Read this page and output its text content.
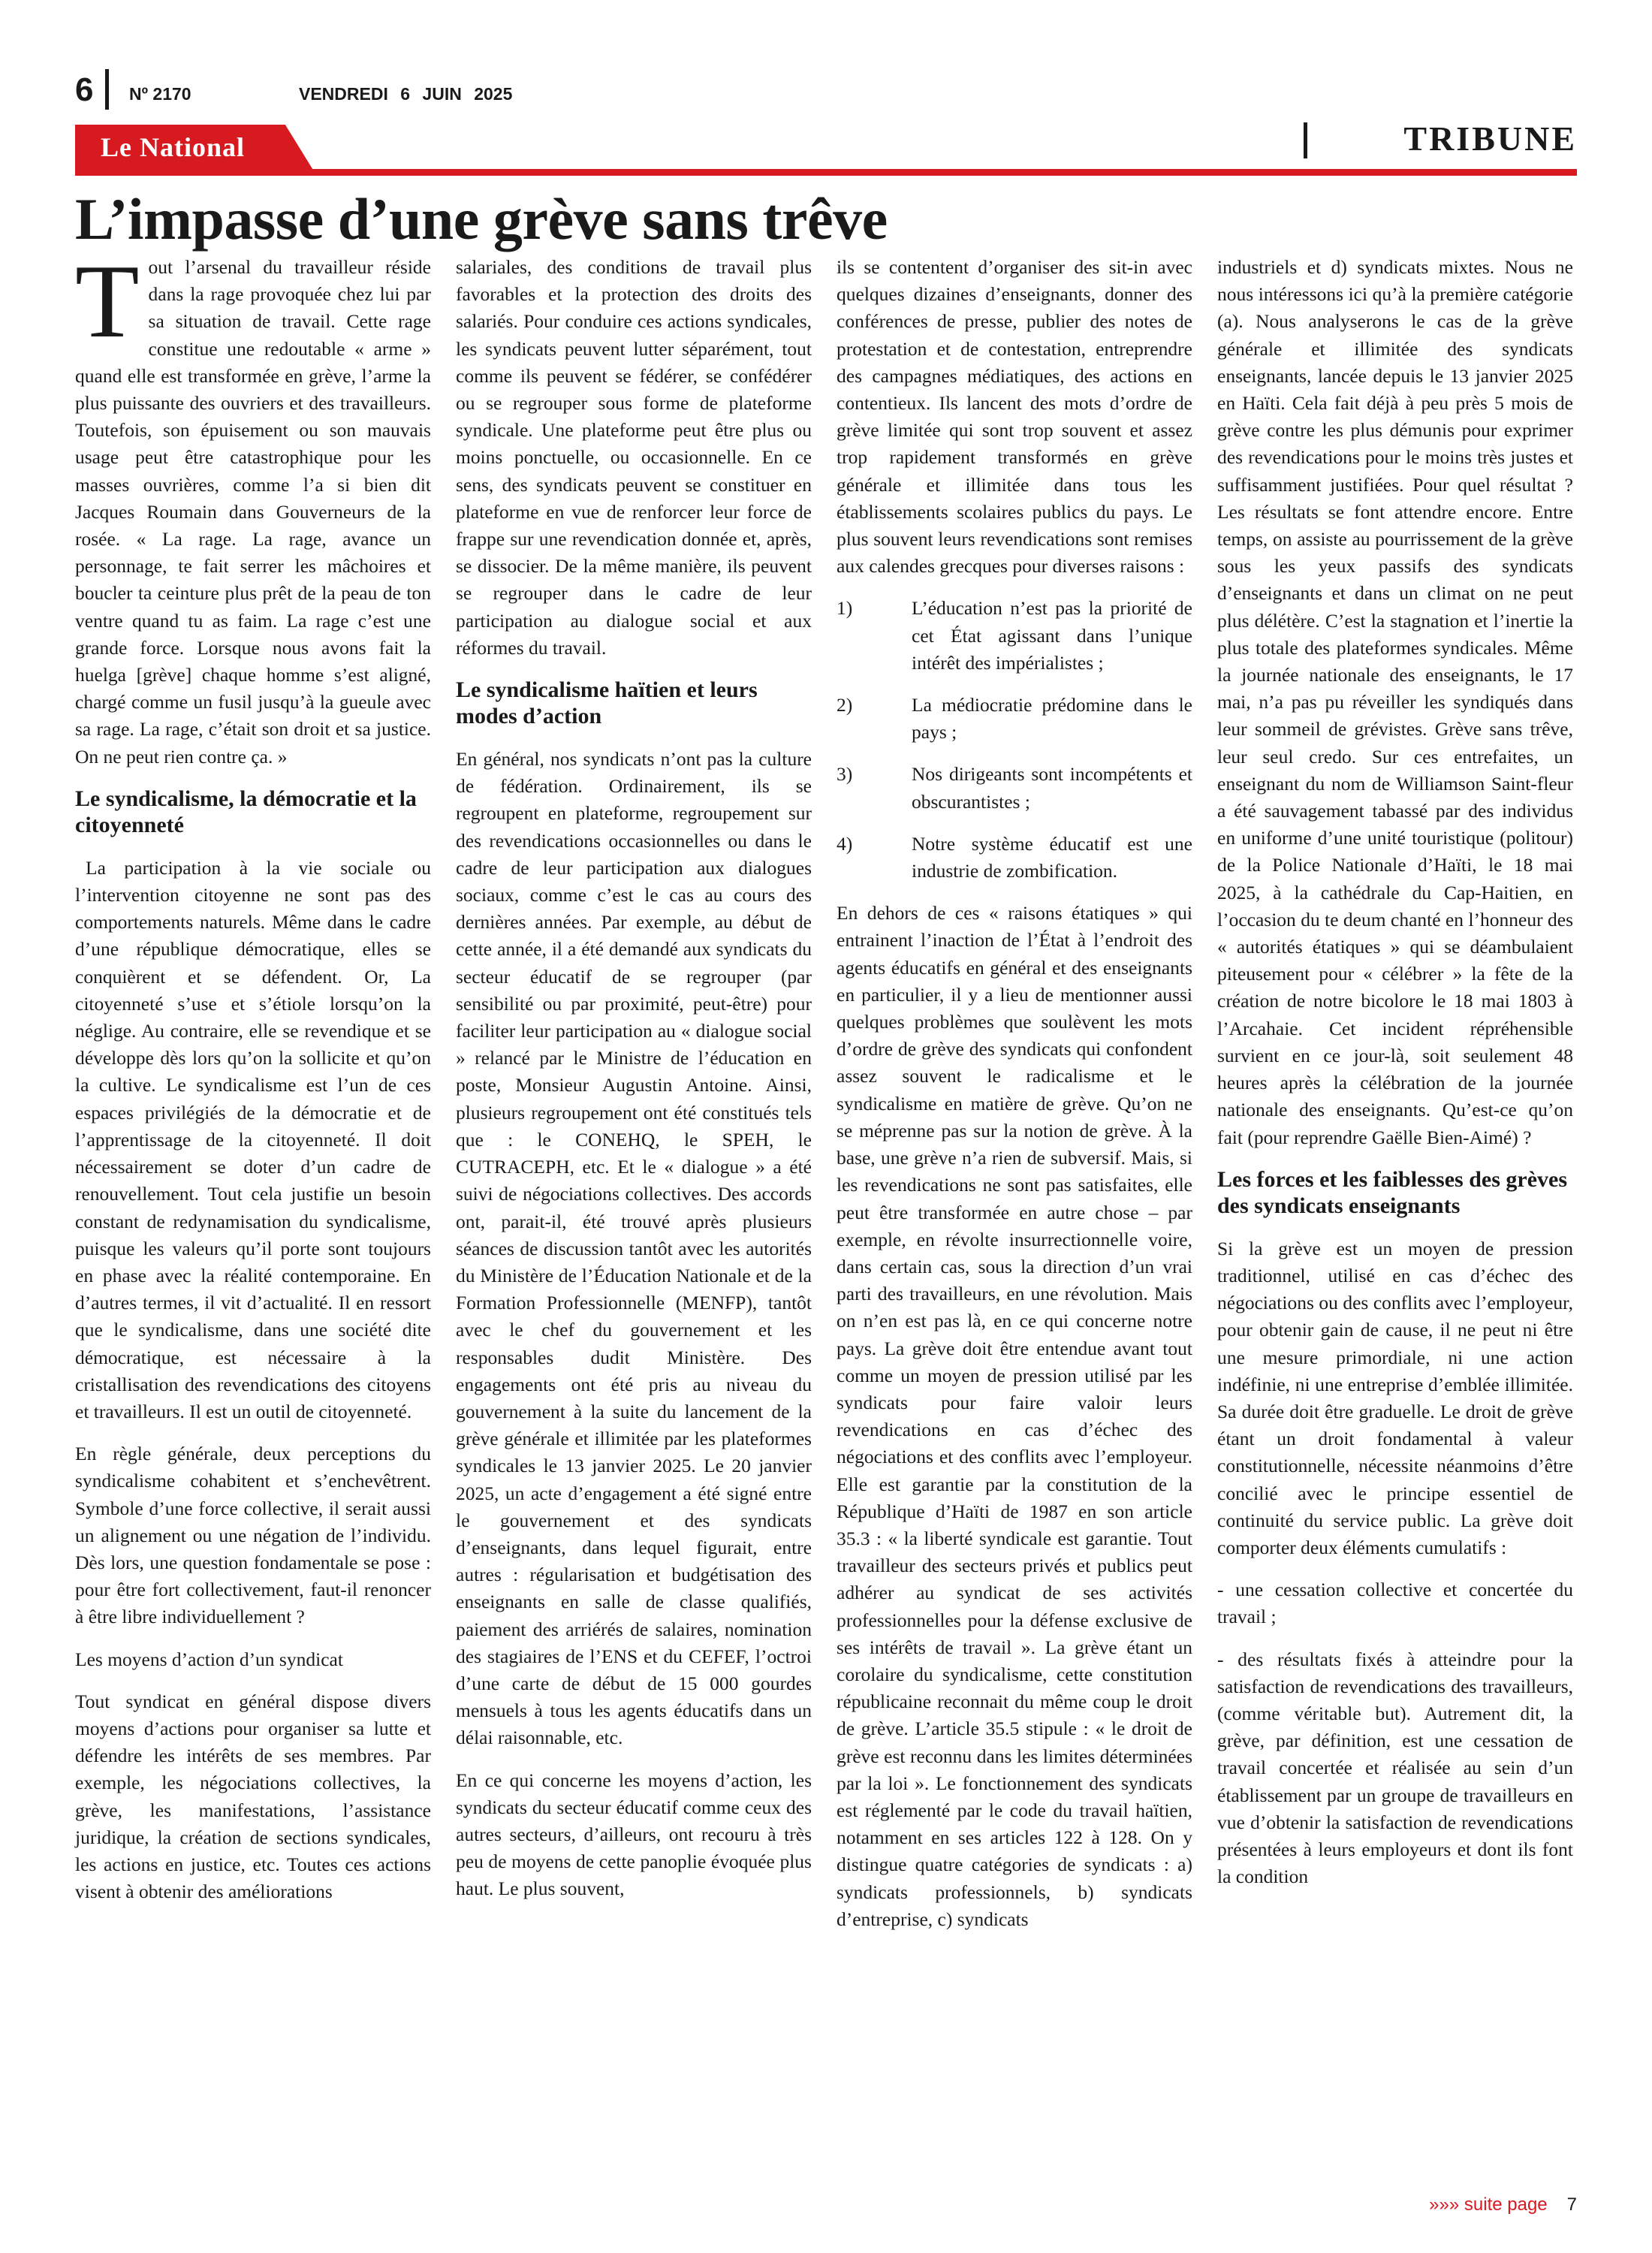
6 Nº 2170	VENDREDI 6 JUIN 2025
Le National	TRIBUNE
L’impasse d’une grève sans trêve

Tout l’arsenal du travailleur réside dans la rage provoquée chez lui par sa situation de travail. Cette rage constitue une redoutable « arme » quand elle est transformée en grève, l’arme la plus puissante des ouvriers et des travailleurs. Toutefois, son épuisement ou son mauvais usage peut être catastrophique pour les masses ouvrières, comme l’a si bien dit Jacques Roumain dans Gouverneurs de la rosée. « La rage. La rage, avance un personnage, te fait serrer les mâchoires et boucler ta ceinture plus prêt de la peau de ton ventre quand tu as faim. La rage c’est une grande force. Lorsque nous avons fait la huelga [grève] chaque homme s’est aligné, chargé comme un fusil jusqu’à la gueule avec sa rage. La rage, c’était son droit et sa justice. On ne peut rien contre ça. »

Le syndicalisme, la démocratie et la citoyenneté

La participation à la vie sociale ou l’intervention citoyenne ne sont pas des comportements naturels. Même dans le cadre d’une république démocratique, elles se conquièrent et se défendent. Or, La citoyenneté s’use et s’étiole lorsqu’on la néglige. Au contraire, elle se revendique et se développe dès lors qu’on la sollicite et qu’on la cultive. Le syndicalisme est l’un de ces espaces privilégiés de la démocratie et de l’apprentissage de la citoyenneté. Il doit nécessairement se doter d’un cadre de renouvellement. Tout cela justifie un besoin constant de redynamisation du syndicalisme, puisque les valeurs qu’il porte sont toujours en phase avec la réalité contemporaine. En d’autres termes, il vit d’actualité. Il en ressort que le syndicalisme, dans une société dite démocratique, est nécessaire à la cristallisation des revendications des citoyens et travailleurs. Il est un outil de citoyenneté.

En règle générale, deux perceptions du syndicalisme cohabitent et s’enchevêtrent. Symbole d’une force collective, il serait aussi un alignement ou une négation de l’individu. Dès lors, une question fondamentale se pose : pour être fort collectivement, faut-il renoncer à être libre individuellement ?

Les moyens d’action d’un syndicat

Tout syndicat en général dispose divers moyens d’actions pour organiser sa lutte et défendre les intérêts de ses membres. Par exemple, les négociations collectives, la grève, les manifestations, l’assistance juridique, la création de sections syndicales, les actions en justice, etc. Toutes ces actions visent à obtenir des améliorations

salariales, des conditions de travail plus favorables et la protection des droits des salariés. Pour conduire ces actions syndicales, les syndicats peuvent lutter séparément, tout comme ils peuvent se fédérer, se confédérer ou se regrouper sous forme de plateforme syndicale. Une plateforme peut être plus ou moins ponctuelle, ou occasionnelle. En ce sens, des syndicats peuvent se constituer en plateforme en vue de renforcer leur force de frappe sur une revendication donnée et, après, se dissocier. De la même manière, ils peuvent se regrouper dans le cadre de leur participation au dialogue social et aux réformes du travail.

Le syndicalisme haïtien et leurs modes d’action

En général, nos syndicats n’ont pas la culture de fédération. Ordinairement, ils se regroupent en plateforme, regroupement sur des revendications occasionnelles ou dans le cadre de leur participation aux dialogues sociaux, comme c’est le cas au cours des dernières années. Par exemple, au début de cette année, il a été demandé aux syndicats du secteur éducatif de se regrouper (par sensibilité ou par proximité, peut-être) pour faciliter leur participation au « dialogue social » relancé par le Ministre de l’éducation en poste, Monsieur Augustin Antoine. Ainsi, plusieurs regroupement ont été constitués tels que : le CONEHQ, le SPEH, le CUTRACEPH, etc. Et le « dialogue » a été suivi de négociations collectives. Des accords ont, parait-il, été trouvé après plusieurs séances de discussion tantôt avec les autorités du Ministère de l’Éducation Nationale et de la Formation Professionnelle (MENFP), tantôt avec le chef du gouvernement et les responsables dudit Ministère. Des engagements ont été pris au niveau du gouvernement à la suite du lancement de la grève générale et illimitée par les plateformes syndicales le 13 janvier 2025. Le 20 janvier 2025, un acte d’engagement a été signé entre le gouvernement et des syndicats d’enseignants, dans lequel figurait, entre autres : régularisation et budgétisation des enseignants en salle de classe qualifiés, paiement des arriérés de salaires, nomination des stagiaires de l’ENS et du CEFEF, l’octroi d’une carte de début de 15 000 gourdes mensuels à tous les agents éducatifs dans un délai raisonnable, etc.

En ce qui concerne les moyens d’action, les syndicats du secteur éducatif comme ceux des autres secteurs, d’ailleurs, ont recouru à très peu de moyens de cette panoplie évoquée plus haut. Le plus souvent,

ils se contentent d’organiser des sit-in avec quelques dizaines d’enseignants, donner des conférences de presse, publier des notes de protestation et de contestation, entreprendre des campagnes médiatiques, des actions en contentieux. Ils lancent des mots d’ordre de grève limitée qui sont trop souvent et assez trop rapidement transformés en grève générale et illimitée dans tous les établissements scolaires publics du pays. Le plus souvent leurs revendications sont remises aux calendes grecques pour diverses raisons :

1)	L’éducation n’est pas la priorité de cet État agissant dans l’unique intérêt des impérialistes ;

2)	La médiocratie prédomine dans le pays ;

3)	Nos dirigeants sont incompétents et obscurantistes ;

4)	Notre système éducatif est une industrie de zombification.

En dehors de ces « raisons étatiques » qui entrainent l’inaction de l’État à l’endroit des agents éducatifs en général et des enseignants en particulier, il y a lieu de mentionner aussi quelques problèmes que soulèvent les mots d’ordre de grève des syndicats qui confondent assez souvent le radicalisme et le syndicalisme en matière de grève. Qu’on ne se méprenne pas sur la notion de grève. À la base, une grève n’a rien de subversif. Mais, si les revendications ne sont pas satisfaites, elle peut être transformée en autre chose – par exemple, en révolte insurrectionnelle voire, dans certain cas, sous la direction d’un vrai parti des travailleurs, en une révolution. Mais on n’en est pas là, en ce qui concerne notre pays. La grève doit être entendue avant tout comme un moyen de pression utilisé par les syndicats pour faire valoir leurs revendications en cas d’échec des négociations et des conflits avec l’employeur. Elle est garantie par la constitution de la République d’Haïti de 1987 en son article 35.3 : « la liberté syndicale est garantie. Tout travailleur des secteurs privés et publics peut adhérer au syndicat de ses activités professionnelles pour la défense exclusive de ses intérêts de travail ». La grève étant un corolaire du syndicalisme, cette constitution républicaine reconnait du même coup le droit de grève. L’article 35.5 stipule : « le droit de grève est reconnu dans les limites déterminées par la loi ». Le fonctionnement des syndicats est réglementé par le code du travail haïtien, notamment en ses articles 122 à 128. On y distingue quatre catégories de syndicats : a) syndicats professionnels, b) syndicats d’entreprise, c) syndicats

industriels et d) syndicats mixtes. Nous ne nous intéressons ici qu’à la première catégorie (a). Nous analyserons le cas de la grève générale et illimitée des syndicats enseignants, lancée depuis le 13 janvier 2025 en Haïti. Cela fait déjà à peu près 5 mois de grève contre les plus démunis pour exprimer des revendications pour le moins très justes et suffisamment justifiées. Pour quel résultat ? Les résultats se font attendre encore. Entre temps, on assiste au pourrissement de la grève sous les yeux passifs des syndicats d’enseignants et dans un climat on ne peut plus délétère. C’est la stagnation et l’inertie la plus totale des plateformes syndicales. Même la journée nationale des enseignants, le 17 mai, n’a pas pu réveiller les syndiqués dans leur sommeil de grévistes. Grève sans trêve, leur seul credo. Sur ces entrefaites, un enseignant du nom de Williamson Saint-fleur a été sauvagement tabassé par des individus en uniforme d’une unité touristique (politour) de la Police Nationale d’Haïti, le 18 mai 2025, à la cathédrale du Cap-Haitien, en l’occasion du te deum chanté en l’honneur des « autorités étatiques » qui se déambulaient piteusement pour « célébrer » la fête de la création de notre bicolore le 18 mai 1803 à l’Arcahaie. Cet incident répréhensible survient en ce jour-là, soit seulement 48 heures après la célébration de la journée nationale des enseignants. Qu’est-ce qu’on fait (pour reprendre Gaëlle Bien-Aimé) ?

Les forces et les faiblesses des grèves des syndicats enseignants

Si la grève est un moyen de pression traditionnel, utilisé en cas d’échec des négociations ou des conflits avec l’employeur, pour obtenir gain de cause, il ne peut ni être une mesure primordiale, ni une action indéfinie, ni une entreprise d’emblée illimitée. Sa durée doit être graduelle. Le droit de grève étant un droit fondamental à valeur constitutionnelle, nécessite néanmoins d’être concilié avec le principe essentiel de continuité du service public. La grève doit comporter deux éléments cumulatifs :

- une cessation collective et concertée du travail ;

- des résultats fixés à atteindre pour la satisfaction de revendications des travailleurs, (comme véritable but). Autrement dit, la grève, par définition, est une cessation de travail concertée et réalisée au sein d’un établissement par un groupe de travailleurs en vue d’obtenir la satisfaction de revendications présentées à leurs employeurs et dont ils font la condition

»»» suite page 7
